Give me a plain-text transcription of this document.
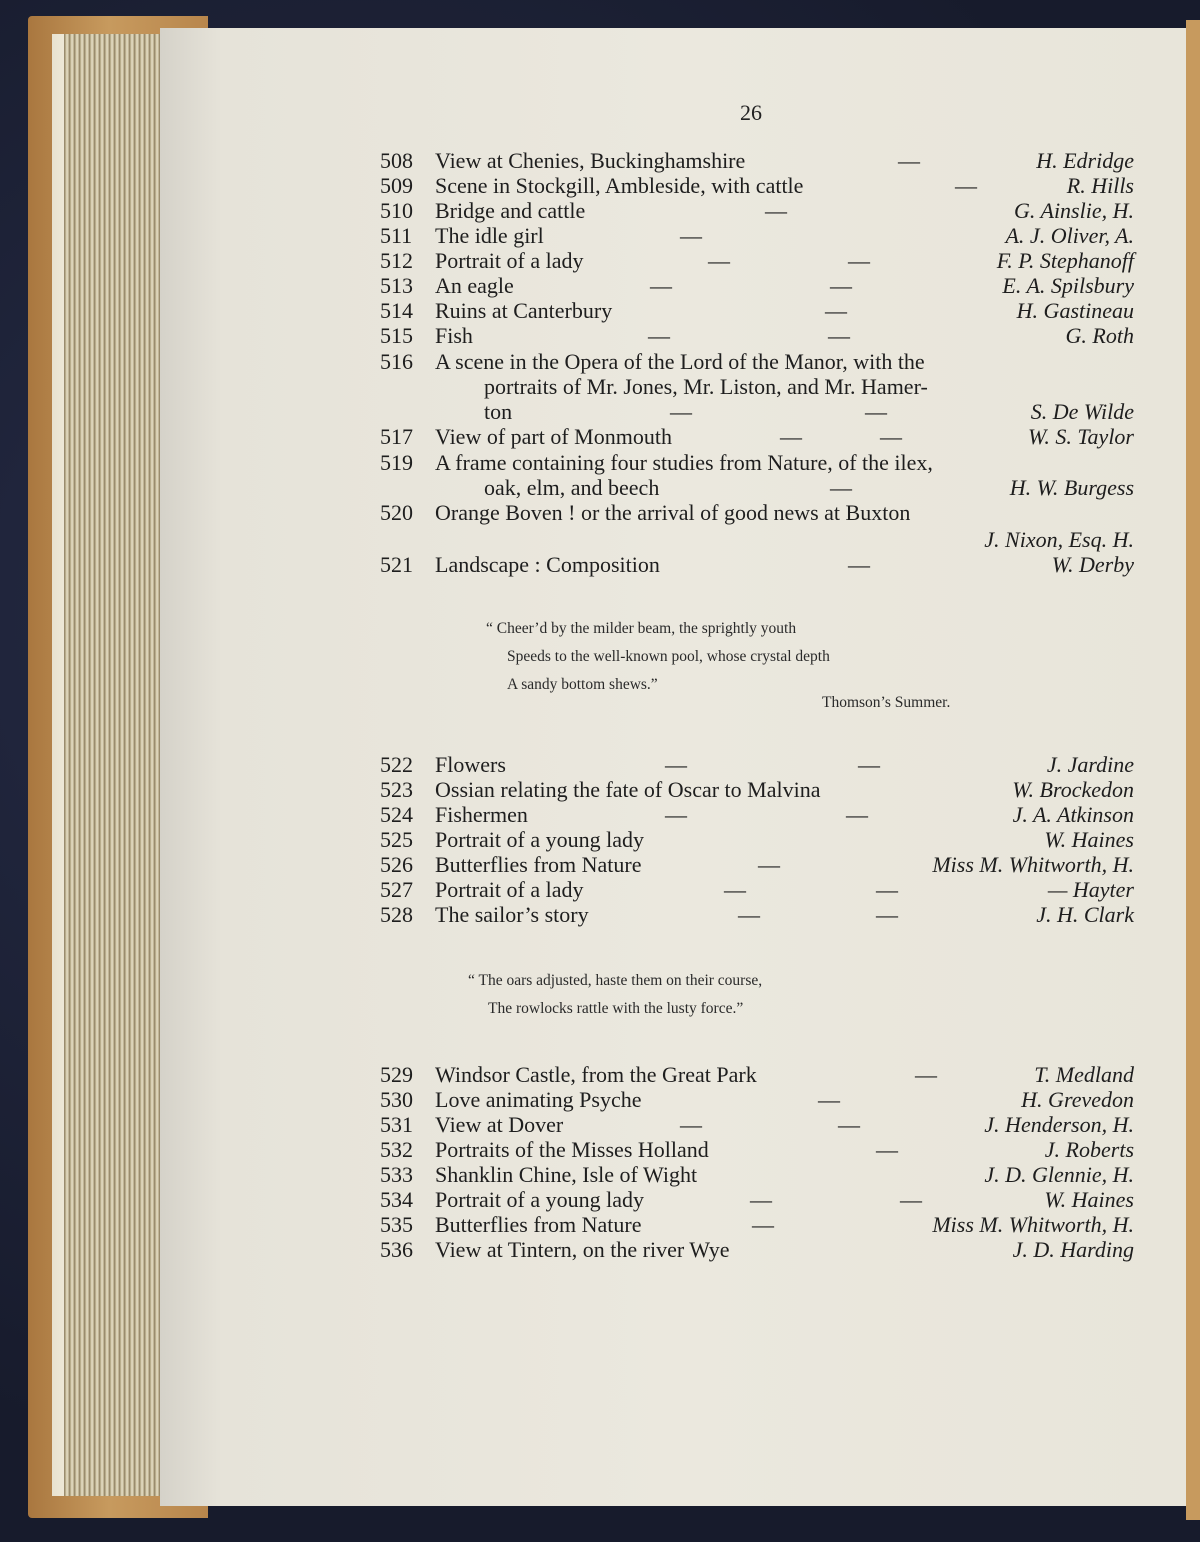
26
508 View at Chenies, Buckinghamshire	—	H. Edridge
509 Scene in Stockgill, Ambleside, with cattle	—	R. Hills
510 Bridge and cattle	—	G. Ainslie, H.
511 The idle girl	—	A. J. Oliver, A.
512 Portrait of a lady	—	—	F. P. Stephanoff
513 An eagle	—	—	E. A. Spilsbury
514 Ruins at Canterbury	—	H. Gastineau
515 Fish	—	—	G. Roth
516 A scene in the Opera of the Lord of the Manor, with the
portraits of Mr. Jones, Mr. Liston, and Mr. Hamer-
ton	—	—	S. De Wilde
517 View of part of Monmouth	—	—	W. S. Taylor
519 A frame containing four studies from Nature, of the ilex,
oak, elm, and beech	—	H. W. Burgess
520 Orange Boven ! or the arrival of good news at Buxton
J. Nixon, Esq. H.
521 Landscape : Composition	—	W. Derby
“ Cheer’d by the milder beam, the sprightly youth
Speeds to the well-known pool, whose crystal depth
A sandy bottom shews.”
Thomson’s Summer.
522 Flowers	—	—	J. Jardine
523 Ossian relating the fate of Oscar to Malvina	W. Brockedon
524 Fishermen	—	—	J. A. Atkinson
525 Portrait of a young lady	W. Haines
526 Butterflies from Nature	—	Miss M. Whitworth, H.
527 Portrait of a lady	—	—	— Hayter
528 The sailor’s story	—	—	J. H. Clark
“ The oars adjusted, haste them on their course,
The rowlocks rattle with the lusty force.”
529 Windsor Castle, from the Great Park	—	T. Medland
530 Love animating Psyche	—	H. Grevedon
531 View at Dover	—	—	J. Henderson, H.
532 Portraits of the Misses Holland	—	J. Roberts
533 Shanklin Chine, Isle of Wight	J. D. Glennie, H.
534 Portrait of a young lady	—	—	W. Haines
535 Butterflies from Nature	—	Miss M. Whitworth, H.
536 View at Tintern, on the river Wye	J. D. Harding
